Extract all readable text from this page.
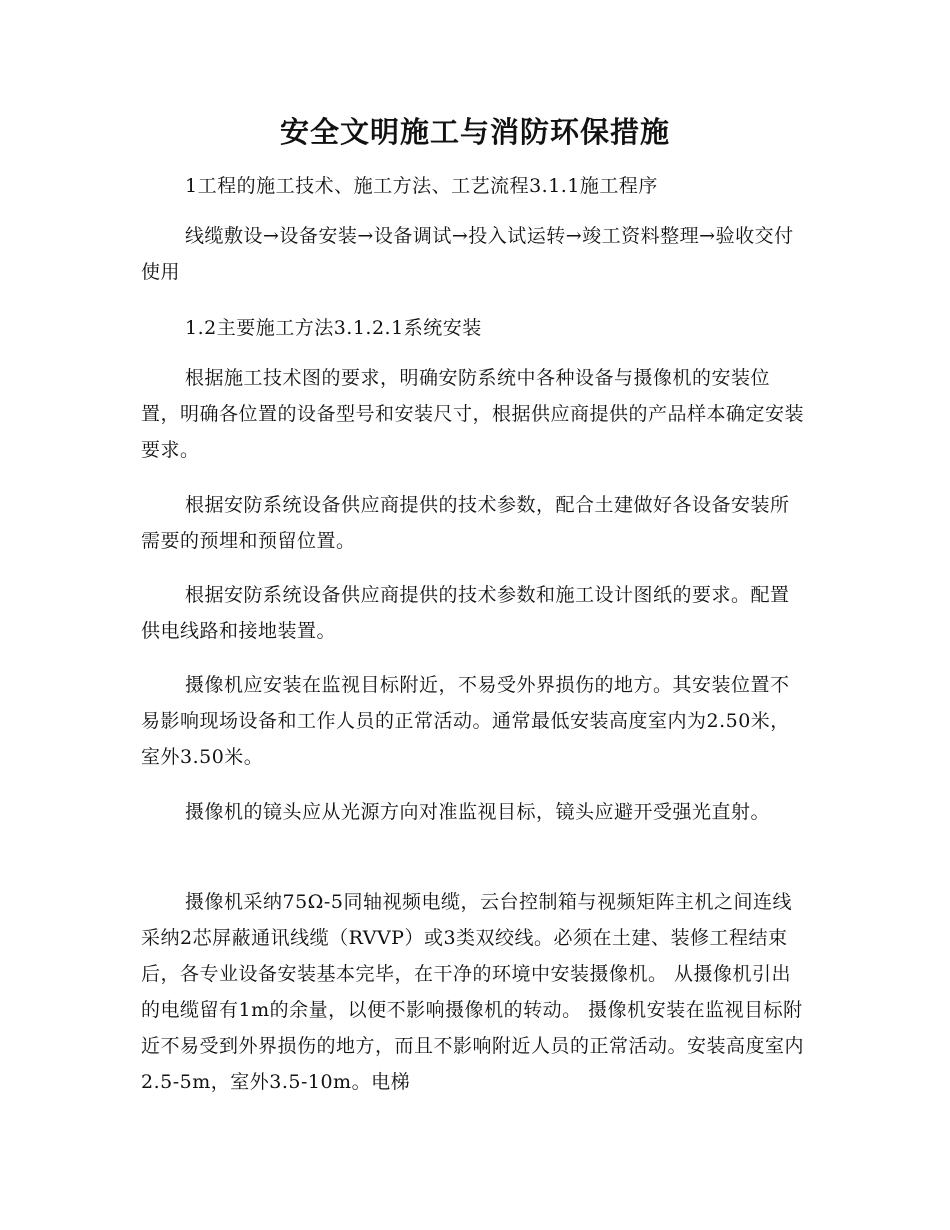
安全文明施工与消防环保措施

1工程的施工技术、施工方法、工艺流程3.1.1施工程序

线缆敷设→设备安装→设备调试→投入试运转→竣工资料整理→验收交付使用

1.2主要施工方法3.1.2.1系统安装

根据施工技术图的要求，明确安防系统中各种设备与摄像机的安装位置，明确各位置的设备型号和安装尺寸，根据供应商提供的产品样本确定安装要求。

根据安防系统设备供应商提供的技术参数，配合土建做好各设备安装所需要的预埋和预留位置。

根据安防系统设备供应商提供的技术参数和施工设计图纸的要求。配置供电线路和接地装置。

摄像机应安装在监视目标附近，不易受外界损伤的地方。其安装位置不易影响现场设备和工作人员的正常活动。通常最低安装高度室内为2.50米，室外3.50米。

摄像机的镜头应从光源方向对准监视目标，镜头应避开受强光直射。

摄像机采纳75Ω-5同轴视频电缆，云台控制箱与视频矩阵主机之间连线采纳2芯屏蔽通讯线缆（RVVP）或3类双绞线。必须在土建、装修工程结束后，各专业设备安装基本完毕，在干净的环境中安装摄像机。 从摄像机引出的电缆留有1m的余量，以便不影响摄像机的转动。 摄像机安装在监视目标附近不易受到外界损伤的地方，而且不影响附近人员的正常活动。安装高度室内2.5-5m，室外3.5-10m。电梯
